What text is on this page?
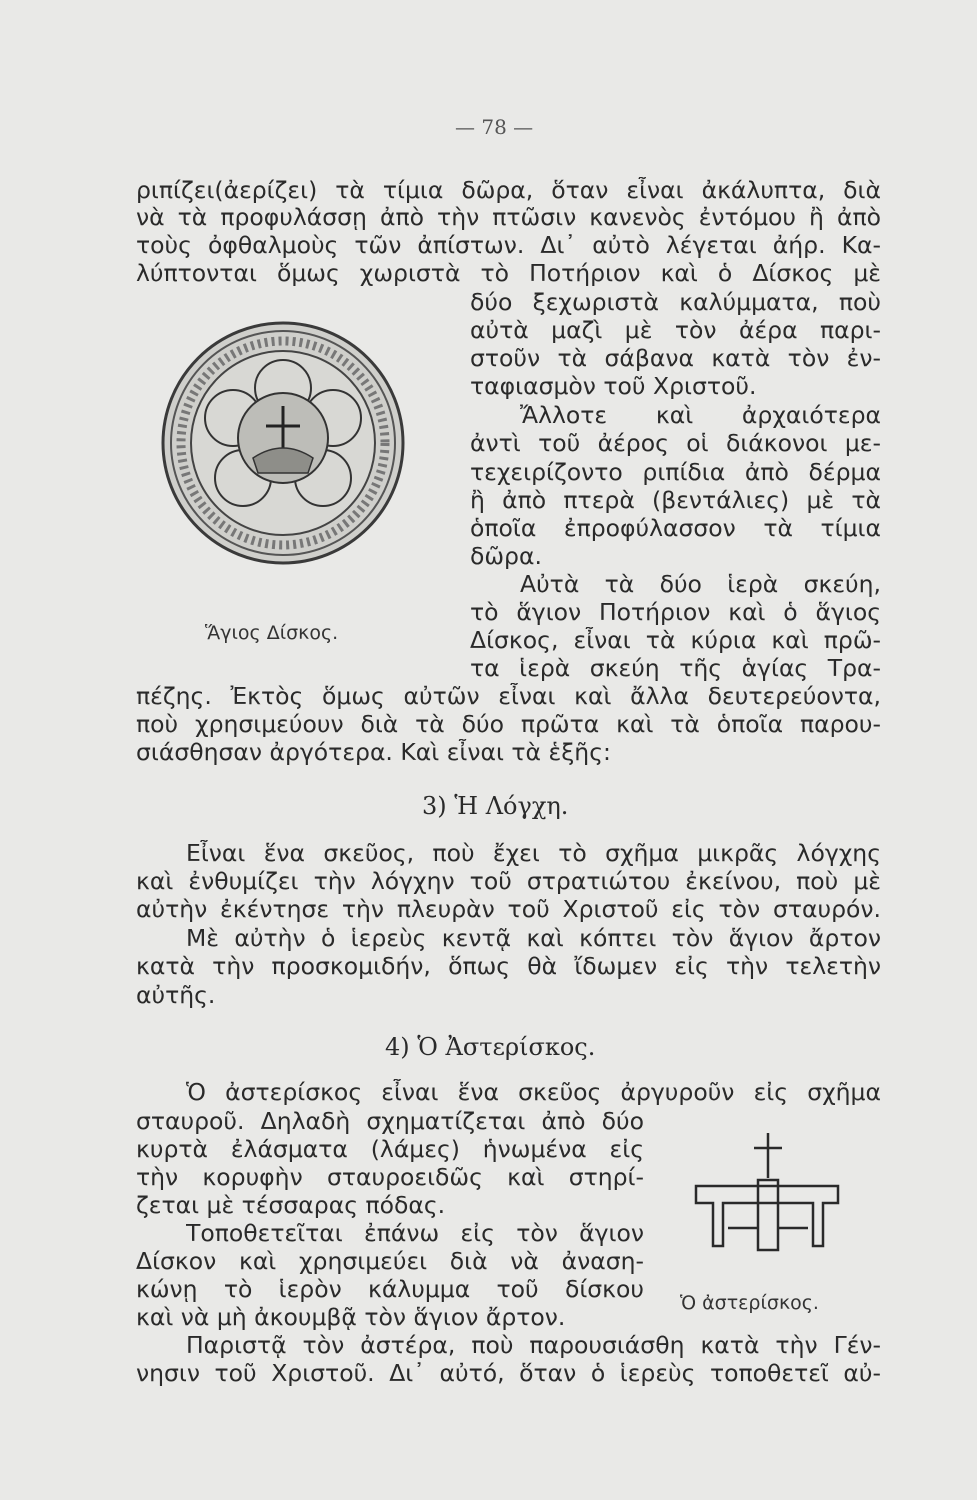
— 78 —
ριπίζει(ἀερίζει) τὰ τίμια δῶρα, ὅταν εἶναι ἀκάλυπτα, διὰ
νὰ τὰ προφυλάσσῃ ἀπὸ τὴν πτῶσιν κανενὸς ἐντόμου ἢ ἀπὸ
τοὺς ὀφθαλμοὺς τῶν ἀπίστων. Δι᾿ αὐτὸ λέγεται ἀήρ. Κα-
λύπτονται ὅμως χωριστὰ τὸ Ποτήριον καὶ ὁ Δίσκος μὲ
δύο ξεχωριστὰ καλύμματα, ποὺ
αὐτὰ μαζὶ μὲ τὸν ἀέρα παρι-
στοῦν τὰ σάβανα κατὰ τὸν ἐν-
ταφιασμὸν τοῦ Χριστοῦ.
Ἄλλοτε καὶ ἀρχαιότερα
ἀντὶ τοῦ ἀέρος οἱ διάκονοι με-
τεχειρίζοντο ριπίδια ἀπὸ δέρμα
ἢ ἀπὸ πτερὰ (βεντάλιες) μὲ τὰ
ὁποῖα ἐπροφύλασσον τὰ τίμια
δῶρα.
Αὐτὰ τὰ δύο ἱερὰ σκεύη,
τὸ ἅγιον Ποτήριον καὶ ὁ ἅγιος
Δίσκος, εἶναι τὰ κύρια καὶ πρῶ-
τα ἱερὰ σκεύη τῆς ἁγίας Τρα-
πέζης. Ἐκτὸς ὅμως αὐτῶν εἶναι καὶ ἄλλα δευτερεύοντα,
ποὺ χρησιμεύουν διὰ τὰ δύο πρῶτα καὶ τὰ ὁποῖα παρου-
σιάσθησαν ἀργότερα. Καὶ εἶναι τὰ ἑξῆς:
Ἅγιος Δίσκος.
3) Ἡ Λόγχη.
Εἶναι ἕνα σκεῦος, ποὺ ἔχει τὸ σχῆμα μικρᾶς λόγχης
καὶ ἐνθυμίζει τὴν λόγχην τοῦ στρατιώτου ἐκείνου, ποὺ μὲ
αὐτὴν ἐκέντησε τὴν πλευρὰν τοῦ Χριστοῦ εἰς τὸν σταυρόν.
Μὲ αὐτὴν ὁ ἱερεὺς κεντᾷ καὶ κόπτει τὸν ἅγιον ἄρτον
κατὰ τὴν προσκομιδήν, ὅπως θὰ ἴδωμεν εἰς τὴν τελετὴν
αὐτῆς.
4) Ὁ Ἀστερίσκος.
Ὁ ἀστερίσκος εἶναι ἕνα σκεῦος ἀργυροῦν εἰς σχῆμα
σταυροῦ. Δηλαδὴ σχηματίζεται ἀπὸ δύο
κυρτὰ ἐλάσματα (λάμες) ἡνωμένα εἰς
τὴν κορυφὴν σταυροειδῶς καὶ στηρί-
ζεται μὲ τέσσαρας πόδας.
Τοποθετεῖται ἐπάνω εἰς τὸν ἅγιον
Δίσκον καὶ χρησιμεύει διὰ νὰ ἀναση-
κώνῃ τὸ ἱερὸν κάλυμμα τοῦ δίσκου
καὶ νὰ μὴ ἀκουμβᾷ τὸν ἅγιον ἄρτον.
Παριστᾷ τὸν ἀστέρα, ποὺ παρουσιάσθη κατὰ τὴν Γέν-
νησιν τοῦ Χριστοῦ. Δι᾿ αὐτό, ὅταν ὁ ἱερεὺς τοποθετεῖ αὐ-
Ὁ ἀστερίσκος.
